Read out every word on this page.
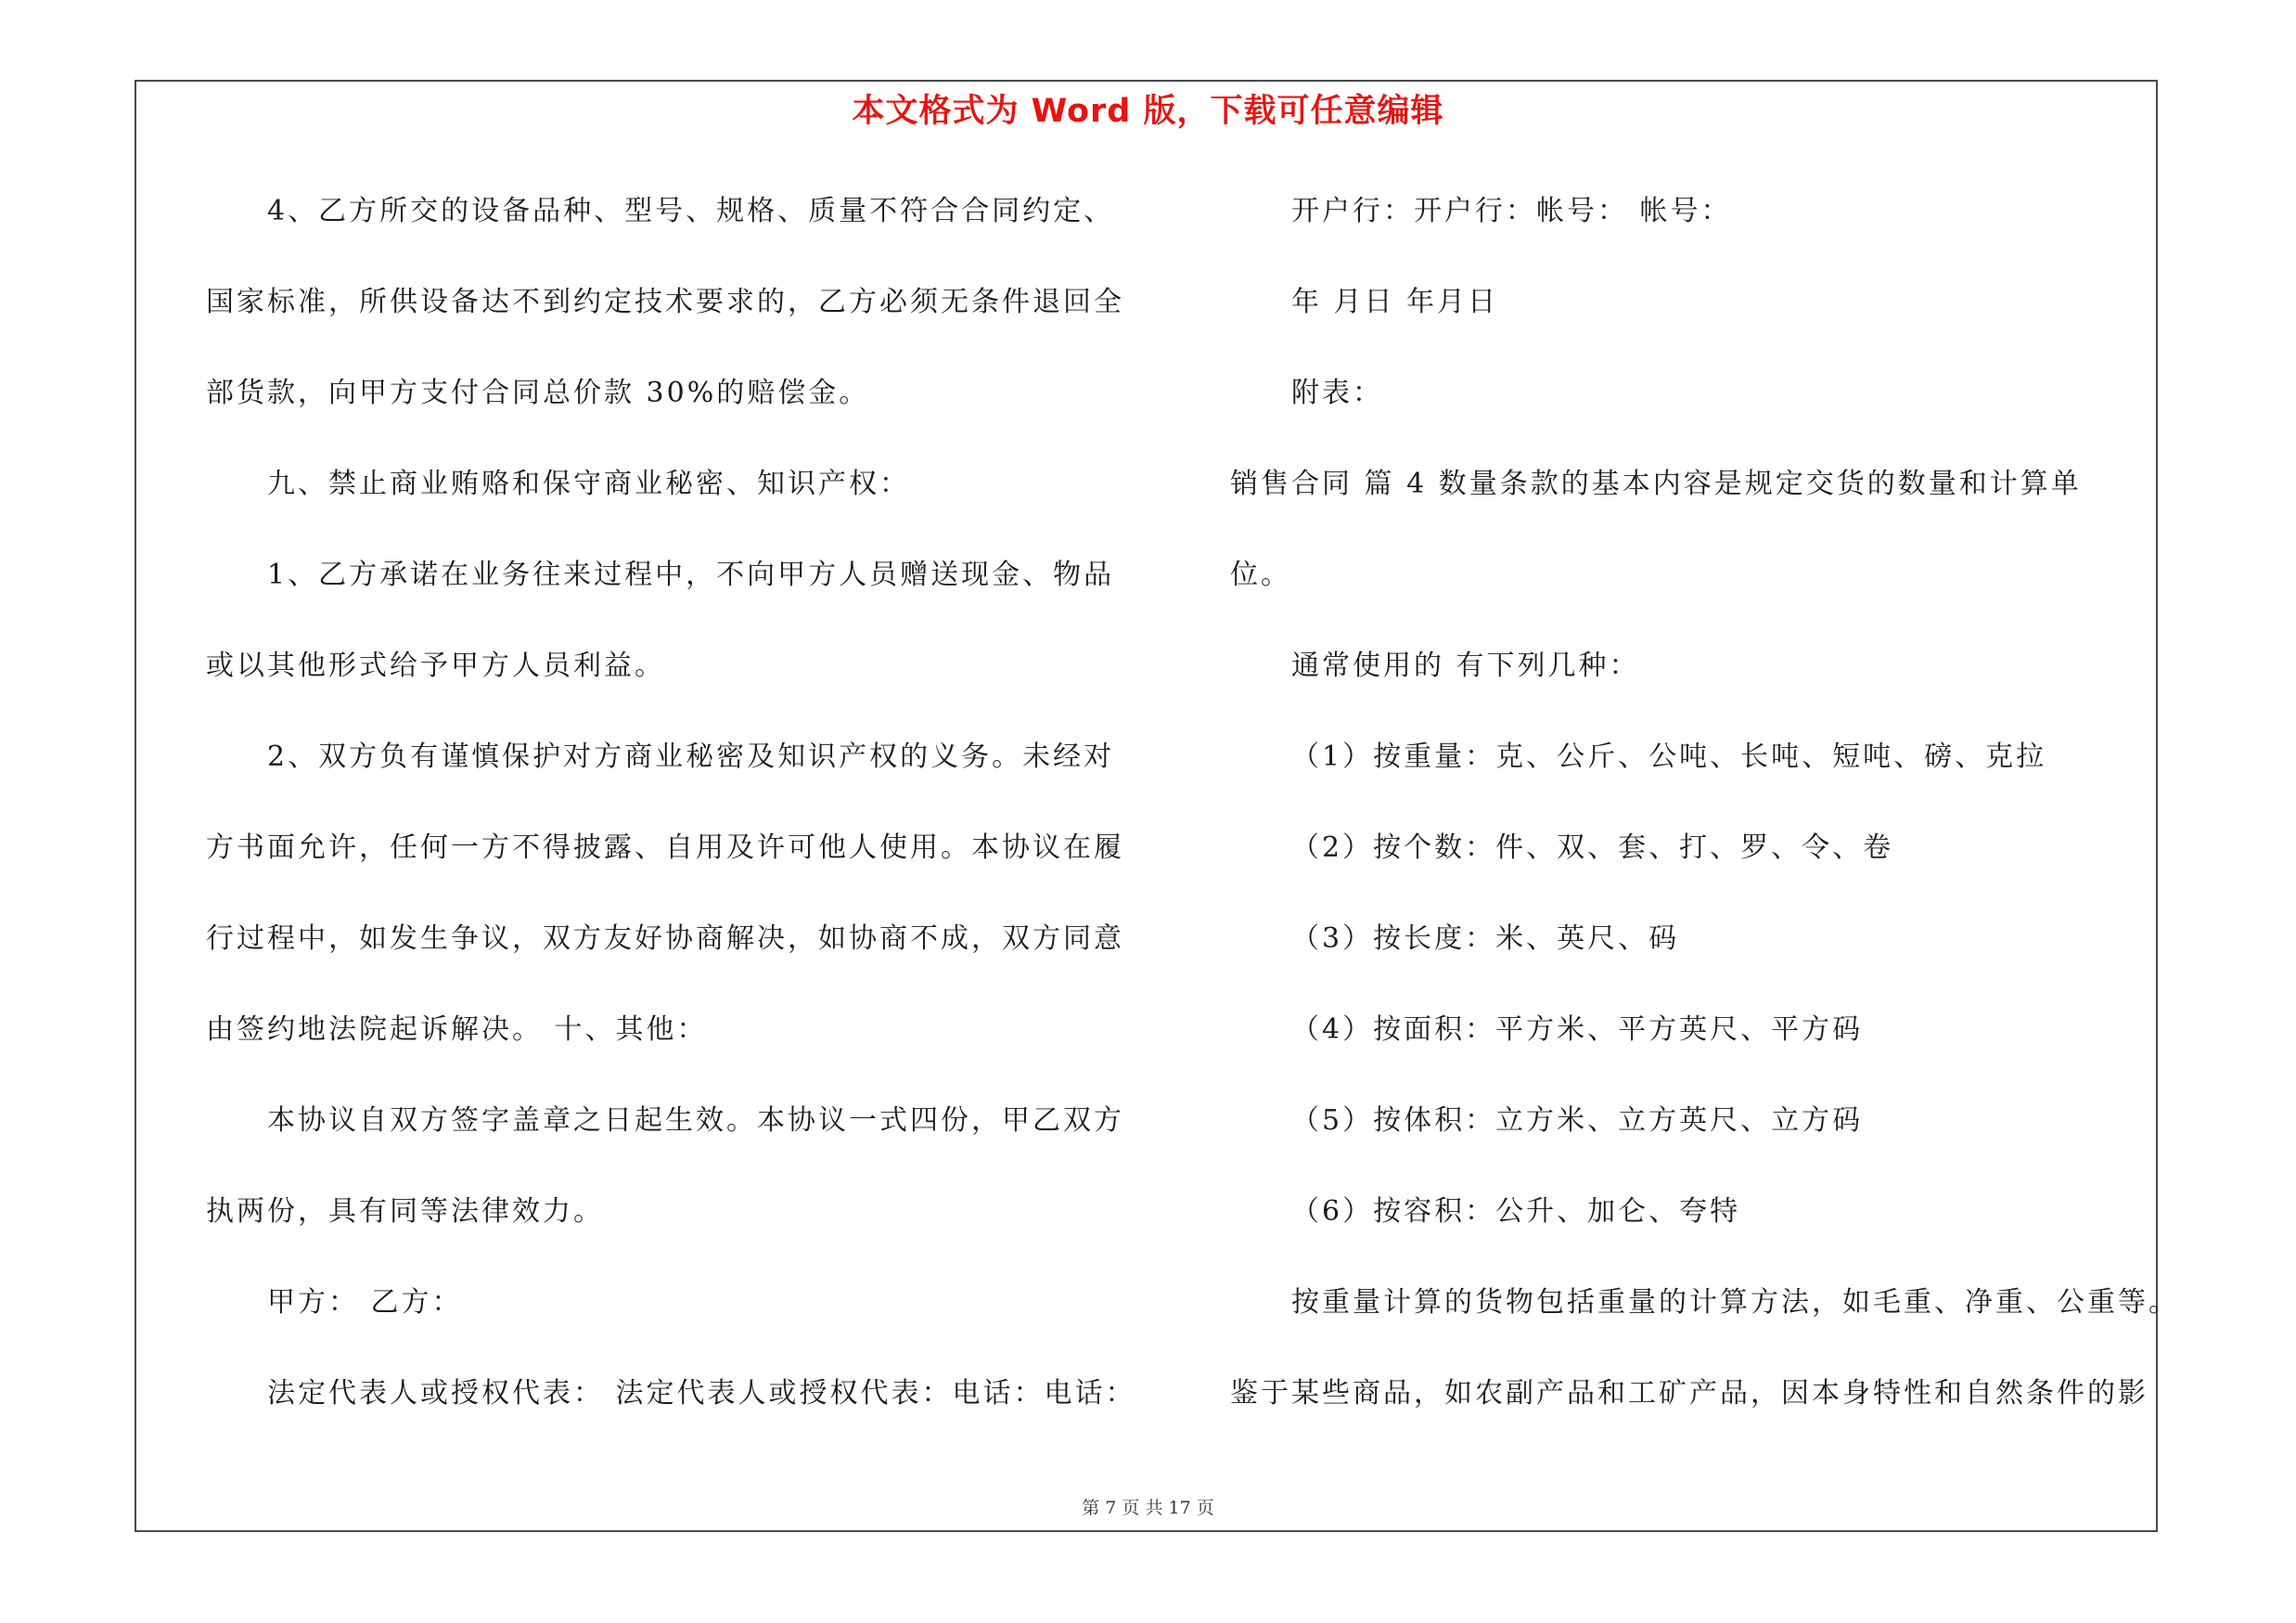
本文格式为 Word 版，下载可任意编辑
4、乙方所交的设备品种、型号、规格、质量不符合合同约定、
国家标准，所供设备达不到约定技术要求的，乙方必须无条件退回全
部货款，向甲方支付合同总价款 30%的赔偿金。
九、禁止商业贿赂和保守商业秘密、知识产权：
1、乙方承诺在业务往来过程中，不向甲方人员赠送现金、物品
或以其他形式给予甲方人员利益。
2、双方负有谨慎保护对方商业秘密及知识产权的义务。未经对
方书面允许，任何一方不得披露、自用及许可他人使用。本协议在履
行过程中，如发生争议，双方友好协商解决，如协商不成，双方同意
由签约地法院起诉解决。 十、其他：
本协议自双方签字盖章之日起生效。本协议一式四份，甲乙双方
执两份，具有同等法律效力。
甲方： 乙方：
法定代表人或授权代表： 法定代表人或授权代表：电话：电话：
开户行：开户行：帐号： 帐号：
年 月日 年月日
附表：
销售合同 篇 4 数量条款的基本内容是规定交货的数量和计算单
位。
通常使用的 有下列几种：
（1）按重量：克、公斤、公吨、长吨、短吨、磅、克拉
（2）按个数：件、双、套、打、罗、令、卷
（3）按长度：米、英尺、码
（4）按面积：平方米、平方英尺、平方码
（5）按体积：立方米、立方英尺、立方码
（6）按容积：公升、加仑、夸特
按重量计算的货物包括重量的计算方法，如毛重、净重、公重等。
鉴于某些商品，如农副产品和工矿产品，因本身特性和自然条件的影
第 7 页 共 17 页
